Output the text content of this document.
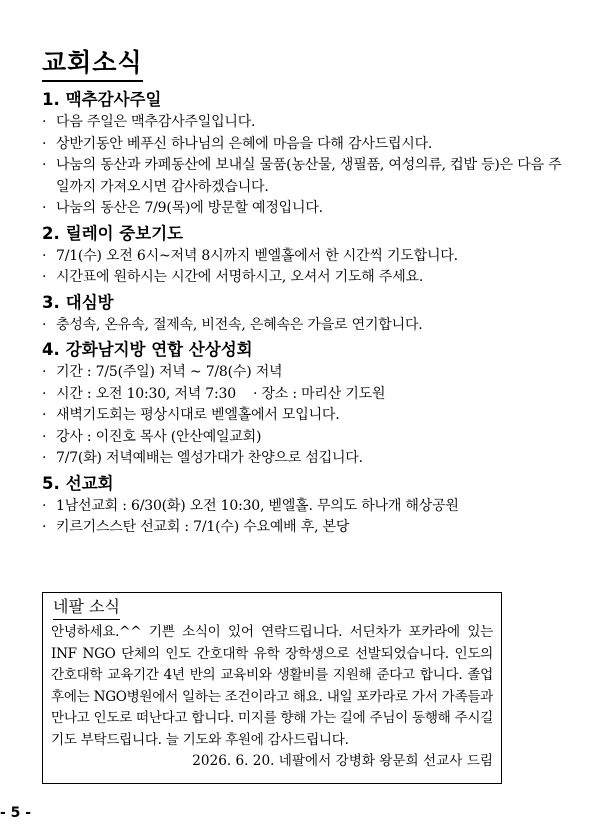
교회소식
1. 맥추감사주일
· 다음 주일은 맥추감사주일입니다.
· 상반기동안 베푸신 하나님의 은혜에 마음을 다해 감사드립시다.
· 나눔의 동산과 카페동산에 보내실 물품(농산물, 생필품, 여성의류, 컵밥 등)은 다음 주일까지 가져오시면 감사하겠습니다.
· 나눔의 동산은 7/9(목)에 방문할 예정입니다.
2. 릴레이 중보기도
· 7/1(수) 오전 6시~저녁 8시까지 벧엘홀에서 한 시간씩 기도합니다.
· 시간표에 원하시는 시간에 서명하시고, 오셔서 기도해 주세요.
3. 대심방
· 충성속, 온유속, 절제속, 비전속, 은혜속은 가을로 연기합니다.
4. 강화남지방 연합 산상성회
· 기간 : 7/5(주일) 저녁 ~ 7/8(수) 저녁
· 시간 : 오전 10:30, 저녁 7:30    · 장소 : 마리산 기도원
· 새벽기도회는 평상시대로 벧엘홀에서 모입니다.
· 강사 : 이진호 목사 (안산예일교회)
· 7/7(화) 저녁예배는 엘성가대가 찬양으로 섬깁니다.
5. 선교회
· 1남선교회 : 6/30(화) 오전 10:30, 벧엘홀. 무의도 하나개 해상공원
· 키르기스스탄 선교회 : 7/1(수) 수요예배 후, 본당
네팔 소식
안녕하세요.^^ 기쁜 소식이 있어 연락드립니다. 서딘차가 포카라에 있는 INF NGO 단체의 인도 간호대학 유학 장학생으로 선발되었습니다. 인도의 간호대학 교육기간 4년 반의 교육비와 생활비를 지원해 준다고 합니다. 졸업 후에는 NGO병원에서 일하는 조건이라고 해요. 내일 포카라로 가서 가족들과 만나고 인도로 떠난다고 합니다. 미지를 향해 가는 길에 주님이 동행해 주시길 기도 부탁드립니다. 늘 기도와 후원에 감사드립니다.
2026. 6. 20. 네팔에서 강병화 왕문희 선교사 드림
- 5 -
